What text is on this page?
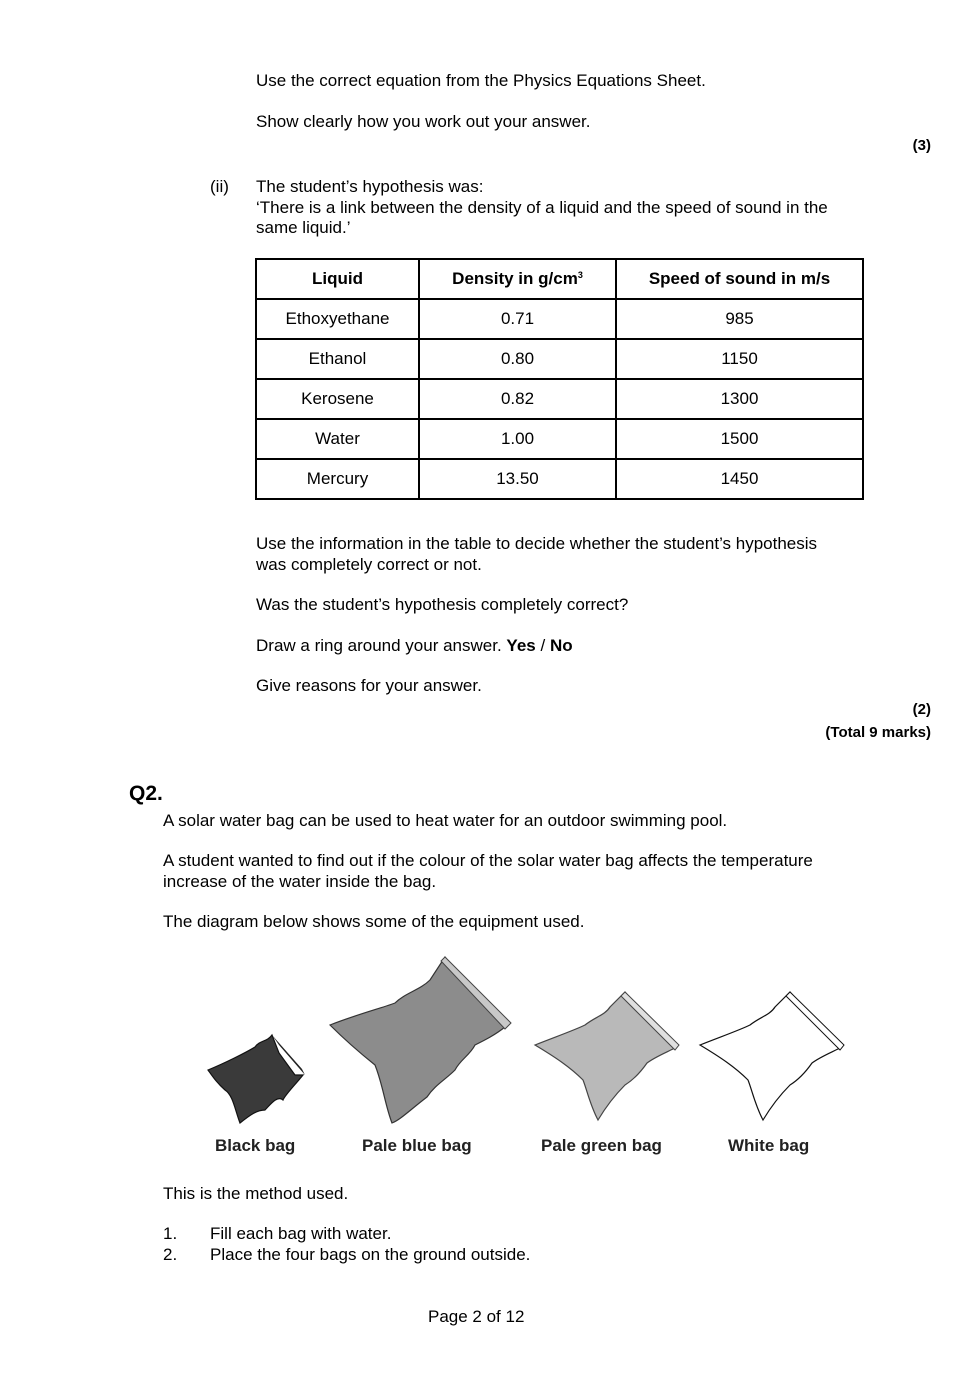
Use the correct equation from the Physics Equations Sheet.
Show clearly how you work out your answer.
(3)
(ii) The student’s hypothesis was:
‘There is a link between the density of a liquid and the speed of sound in the
same liquid.’
Liquid	Density in $g/cm^3$	Speed of sound in m/s
Ethoxyethane	0.71	985
Ethanol	0.80	1150
Kerosene	0.82	1300
Water	1.00	1500
Mercury	13.50	1450
Use the information in the table to decide whether the student’s hypothesis
was completely correct or not.
Was the student’s hypothesis completely correct?
Draw a ring around your answer. Yes / No
Give reasons for your answer.
(2)
(Total 9 marks)
Q2.
A solar water bag can be used to heat water for an outdoor swimming pool.
A student wanted to find out if the colour of the solar water bag affects the temperature
increase of the water inside the bag.
The diagram below shows some of the equipment used.
Black bag	Pale blue bag	Pale green bag	White bag
This is the method used.
1. Fill each bag with water.
2. Place the four bags on the ground outside.
Page 2 of 12
